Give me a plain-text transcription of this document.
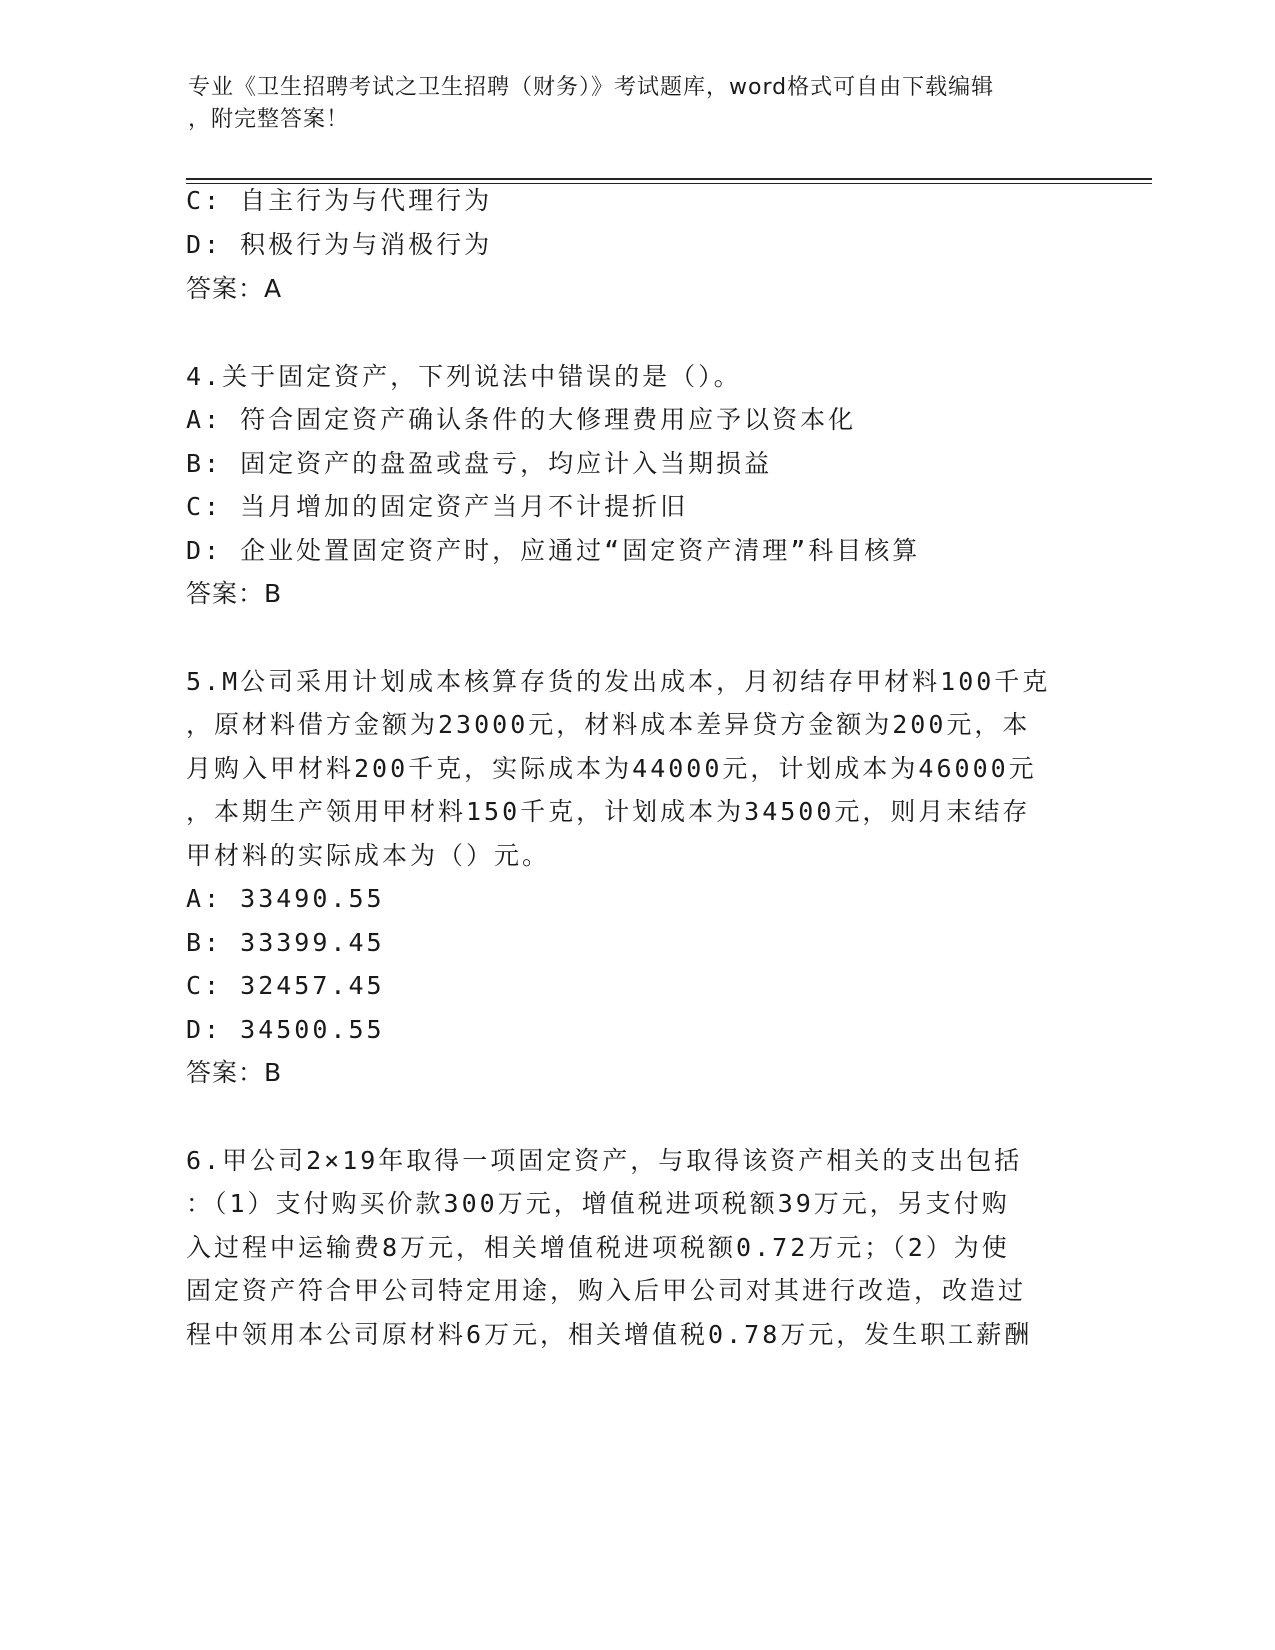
专业《卫生招聘考试之卫生招聘（财务）》考试题库，word格式可自由下载编辑
，附完整答案！
C: 自主行为与代理行为
D: 积极行为与消极行为
答案：A
4.关于固定资产，下列说法中错误的是（）。
A: 符合固定资产确认条件的大修理费用应予以资本化
B: 固定资产的盘盈或盘亏，均应计入当期损益
C: 当月增加的固定资产当月不计提折旧
D: 企业处置固定资产时，应通过“固定资产清理”科目核算
答案：B
5.M公司采用计划成本核算存货的发出成本，月初结存甲材料100千克
，原材料借方金额为23000元，材料成本差异贷方金额为200元，本
月购入甲材料200千克，实际成本为44000元，计划成本为46000元
，本期生产领用甲材料150千克，计划成本为34500元，则月末结存
甲材料的实际成本为（）元。
A: 33490.55
B: 33399.45
C: 32457.45
D: 34500.55
答案：B
6.甲公司2×19年取得一项固定资产，与取得该资产相关的支出包括
：（1）支付购买价款300万元，增值税进项税额39万元，另支付购
入过程中运输费8万元，相关增值税进项税额0.72万元；（2）为使
固定资产符合甲公司特定用途，购入后甲公司对其进行改造，改造过
程中领用本公司原材料6万元，相关增值税0.78万元，发生职工薪酬
